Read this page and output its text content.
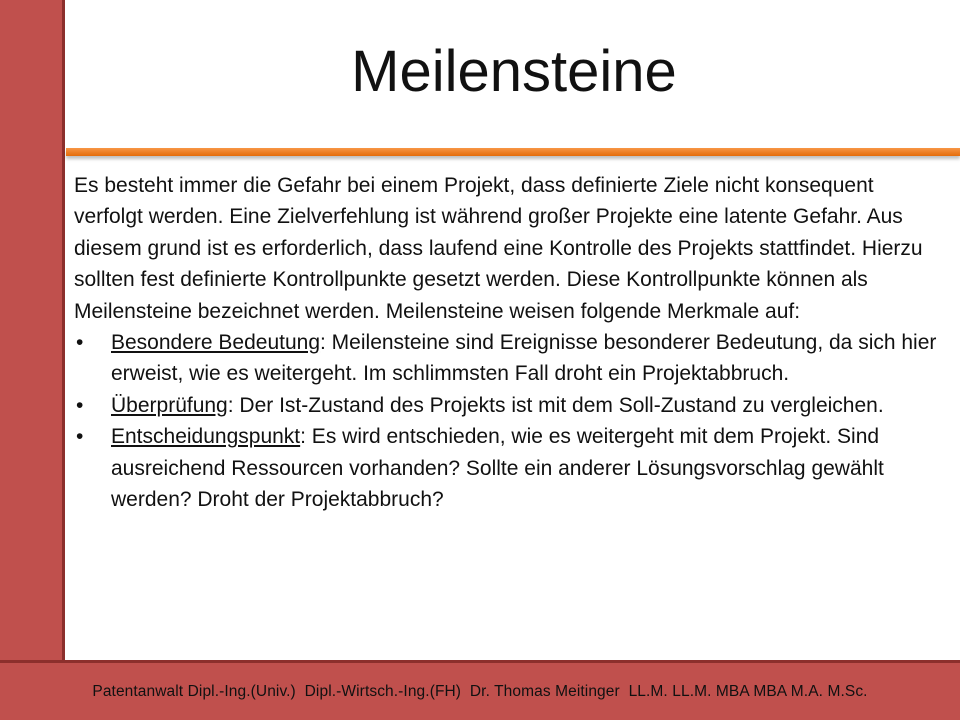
Meilensteine

Es besteht immer die Gefahr bei einem Projekt, dass definierte Ziele nicht konsequent verfolgt werden. Eine Zielverfehlung ist während großer Projekte eine latente Gefahr. Aus diesem grund ist es erforderlich, dass laufend eine Kontrolle des Projekts stattfindet. Hierzu sollten fest definierte Kontrollpunkte gesetzt werden. Diese Kontrollpunkte können als Meilensteine bezeichnet werden. Meilensteine weisen folgende Merkmale auf:

• Besondere Bedeutung: Meilensteine sind Ereignisse besonderer Bedeutung, da sich hier erweist, wie es weitergeht. Im schlimmsten Fall droht ein Projektabbruch.
• Überprüfung: Der Ist-Zustand des Projekts ist mit dem Soll-Zustand zu vergleichen.
• Entscheidungspunkt: Es wird entschieden, wie es weitergeht mit dem Projekt. Sind ausreichend Ressourcen vorhanden? Sollte ein anderer Lösungsvorschlag gewählt werden? Droht der Projektabbruch?
Patentanwalt Dipl.-Ing.(Univ.)  Dipl.-Wirtsch.-Ing.(FH)  Dr. Thomas Meitinger  LL.M. LL.M. MBA MBA M.A. M.Sc.
